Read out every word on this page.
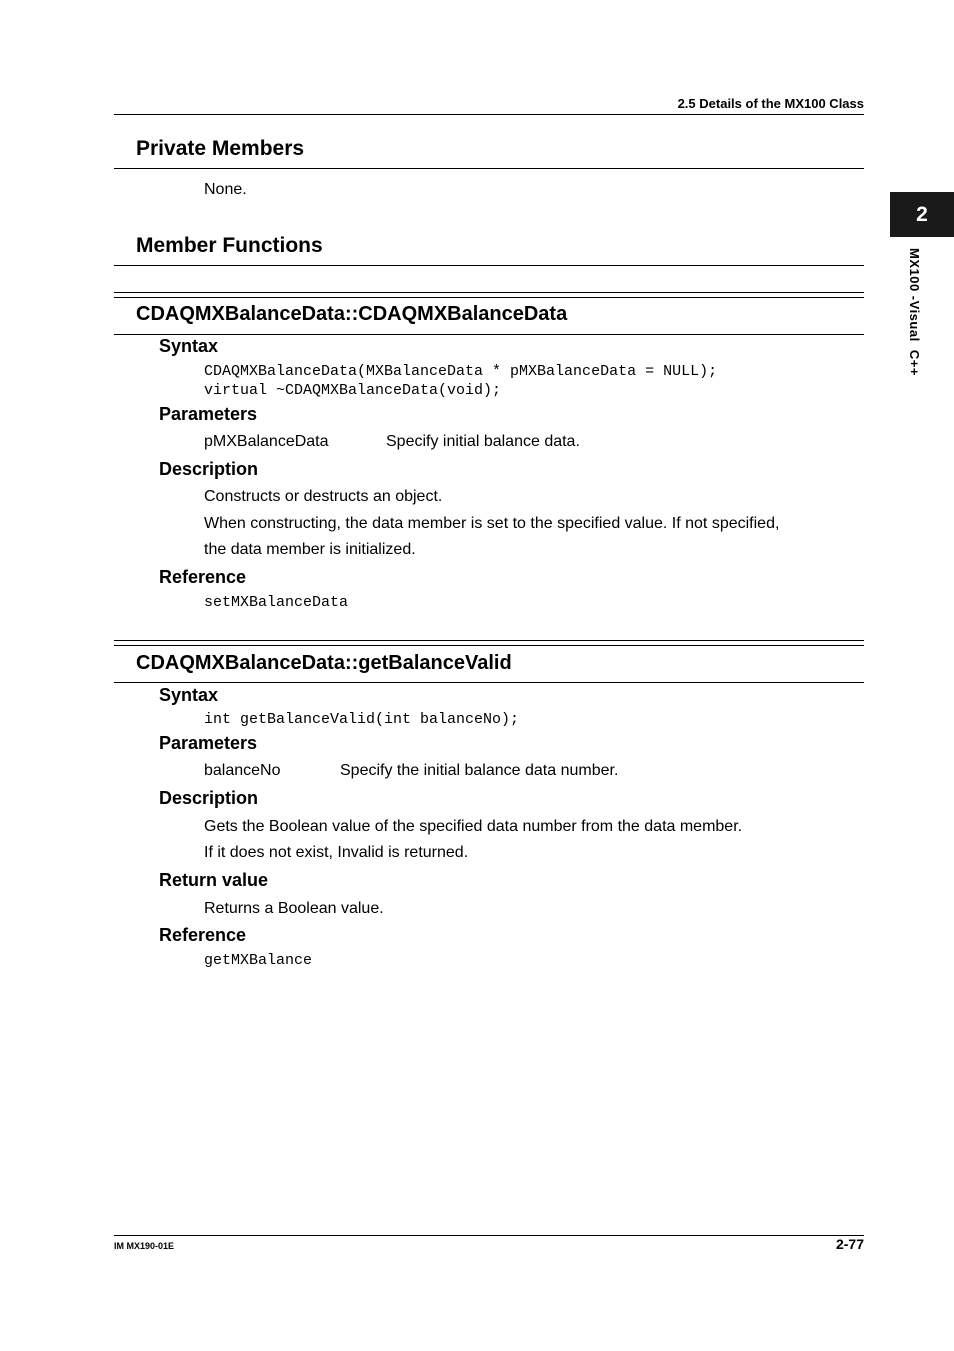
2.5 Details of the MX100 Class
2
MX100 -Visual  C++
Private Members
None.
Member Functions
CDAQMXBalanceData::CDAQMXBalanceData
Syntax
CDAQMXBalanceData(MXBalanceData * pMXBalanceData = NULL);
virtual ~CDAQMXBalanceData(void);
Parameters
pMXBalanceData	Specify initial balance data.
Description
Constructs or destructs an object.
When constructing, the data member is set to the specified value. If not specified,
the data member is initialized.
Reference
setMXBalanceData
CDAQMXBalanceData::getBalanceValid
Syntax
int getBalanceValid(int balanceNo);
Parameters
balanceNo	Specify the initial balance data number.
Description
Gets the Boolean value of the specified data number from the data member.
If it does not exist, Invalid is returned.
Return value
Returns a Boolean value.
Reference
getMXBalance
IM MX190-01E	2-77
